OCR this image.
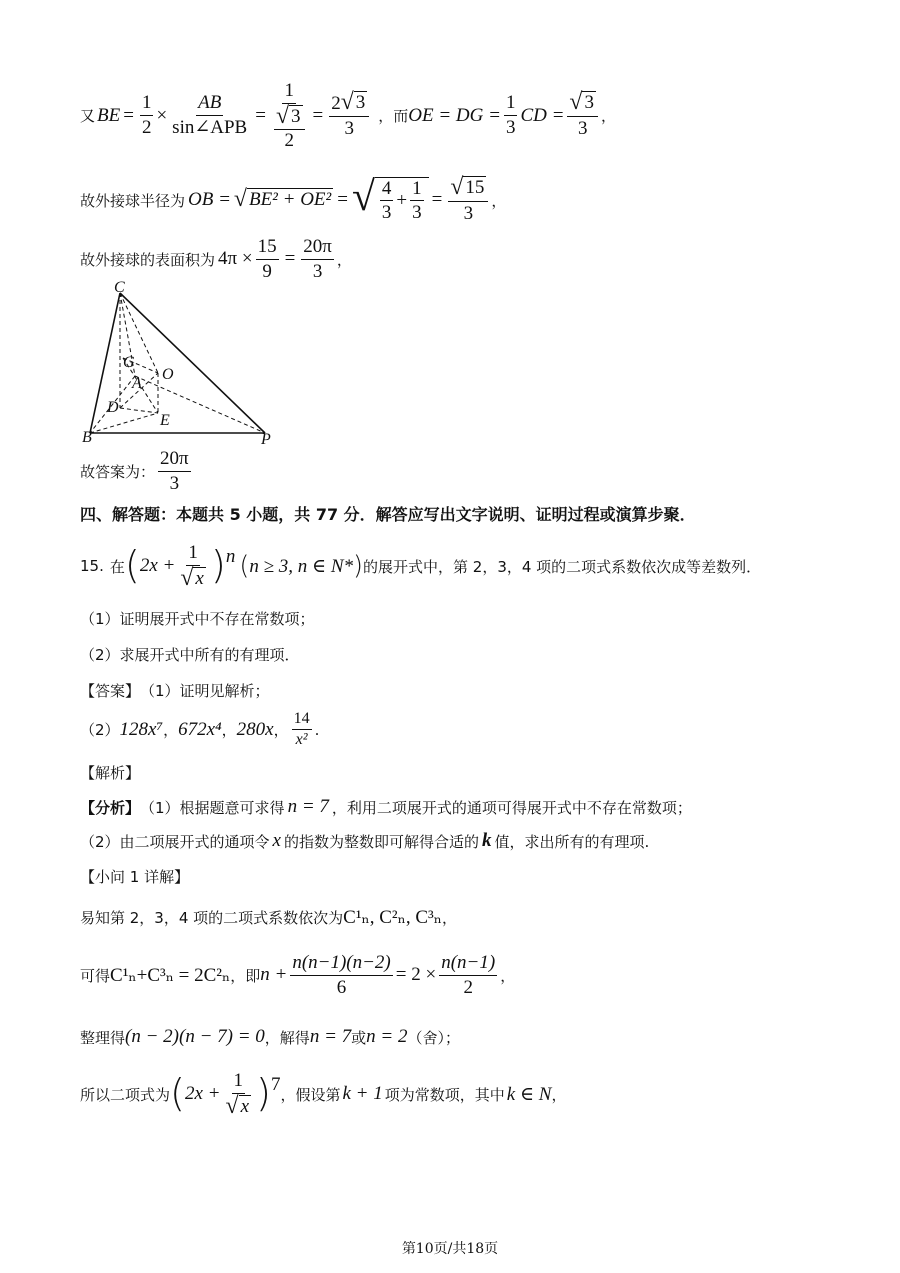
又 BE = $\frac{1}{2} \times \frac{AB}{\text{sin∠APB}} = 1$
√ 3
$2 = \frac{2 √ 3}{3}$ ，而 OE = DG = $\frac{1}{3}$ CD = $\frac{√ 3}{3}$ ，
故外接球半径为 OB = √ BE² + OE² = √ $\frac{4}{3} + \frac{1}{3} = \frac{√ 15}{3}$ ，
故外接球的表面积为 $4\pi \times \frac{15}{9} = \frac{20\pi}{3}$ ，
C
G
A
O
D
E
B	P
故答案为： $\frac{20\pi}{3}$
四、解答题：本题共 5 小题，共 77 分．解答应写出文字说明、证明过程或演算步聚．
15. 在 ( $2x + \frac{1}{√ x}$ ) n ( n ≥ 3, n ∈ N* ) 的展开式中，第 2，3，4 项的二项式系数依次成等差数列．
（1）证明展开式中不存在常数项；
（2）求展开式中所有的有理项．
【答案】 （1）证明见解析；
（2） 128x⁷ ， 672x⁴ ， 280x ， $\frac{14}{\text{x²}}$ .
【解析】
【分析】 （1）根据题意可求得 n = 7 ，利用二项展开式的通项可得展开式中不存在常数项；
（2）由二项展开式的通项令 x 的指数为整数即可解得合适的 k 值，求出所有的有理项.
【小问 1 详解】
易知第 2，3，4 项的二项式系数依次为 C¹ₙ, C²ₙ, C³ₙ ，
可得 C¹ₙ+C³ₙ = 2C²ₙ ，即 $n + \frac{n(n-1)(n-2)}{6} = 2 \times \frac{n(n-1)}{2}$ ，
整理得 (n − 2)(n − 7) = 0 ，解得 n = 7 或 n = 2 （舍）；
所以二项式为 ( $2x + \frac{1}{√ x}$ ) 7 ，假设第 k + 1 项为常数项，其中 k ∈ N ，
第10页/共18页
